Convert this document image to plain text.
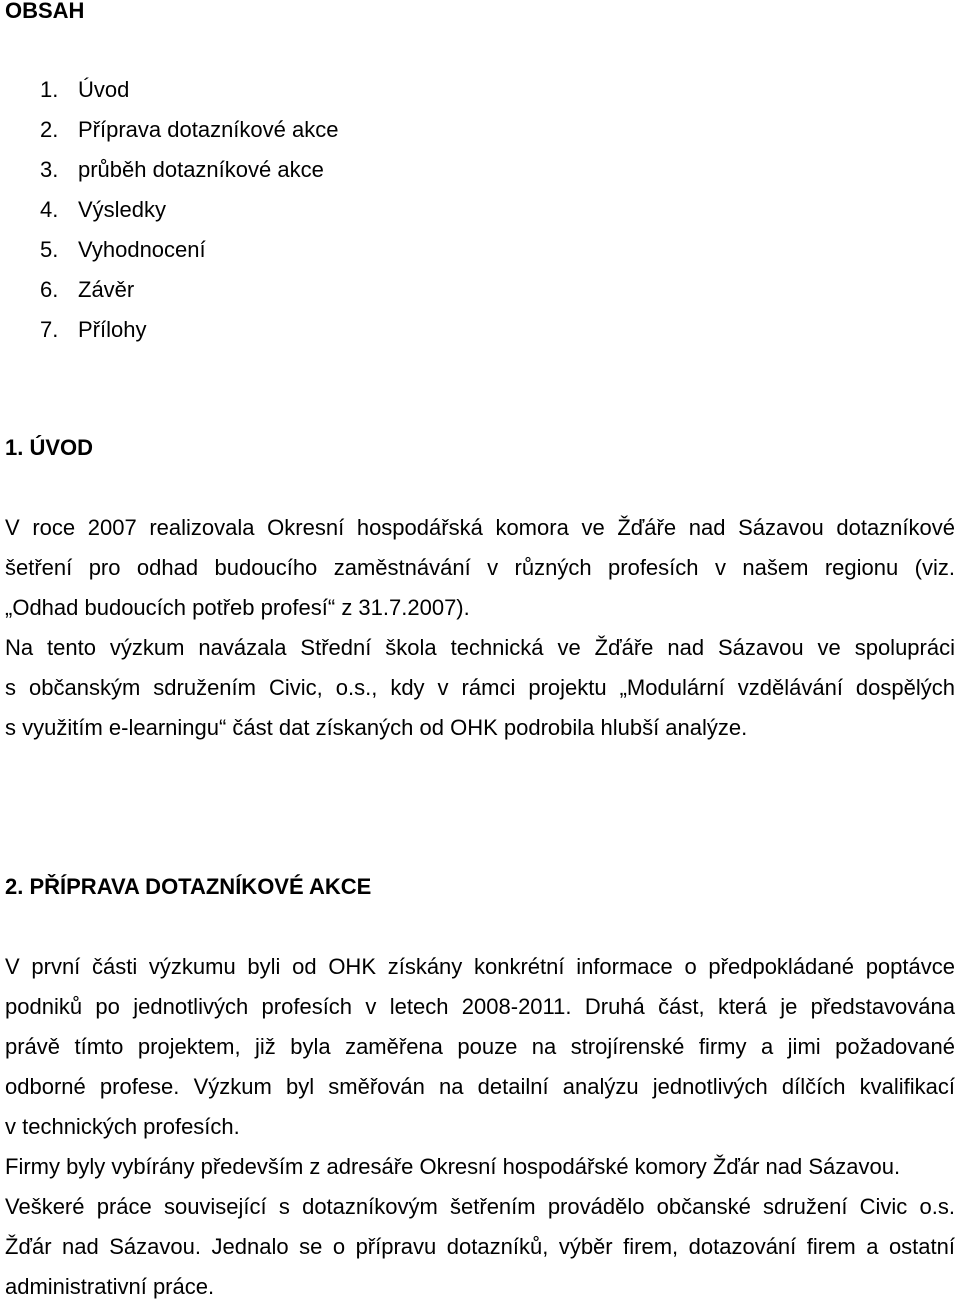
OBSAH
1. Úvod
2. Příprava dotazníkové akce
3. průběh dotazníkové akce
4. Výsledky
5. Vyhodnocení
6. Závěr
7. Přílohy
1. ÚVOD
V roce 2007 realizovala Okresní hospodářská komora ve Žďáře nad Sázavou dotazníkové
šetření pro odhad budoucího zaměstnávání v různých profesích v našem regionu (viz.
„Odhad budoucích potřeb profesí“ z 31.7.2007).
Na tento výzkum navázala Střední škola technická ve Žďáře nad Sázavou ve spolupráci
s občanským sdružením Civic, o.s., kdy v rámci projektu „Modulární vzdělávání dospělých
s využitím e-learningu“ část dat získaných od OHK podrobila hlubší analýze.
2. PŘÍPRAVA DOTAZNÍKOVÉ AKCE
V první části výzkumu byli od OHK získány konkrétní informace o předpokládané poptávce
podniků po jednotlivých profesích v letech 2008-2011. Druhá část, která je představována
právě tímto projektem, již byla zaměřena pouze na strojírenské firmy a jimi požadované
odborné profese. Výzkum byl směřován na detailní analýzu jednotlivých dílčích kvalifikací
v technických profesích.
Firmy byly vybírány především z adresáře Okresní hospodářské komory Žďár nad Sázavou.
Veškeré práce související s dotazníkovým šetřením provádělo občanské sdružení Civic o.s.
Žďár nad Sázavou. Jednalo se o přípravu dotazníků, výběr firem, dotazování firem a ostatní
administrativní práce.
